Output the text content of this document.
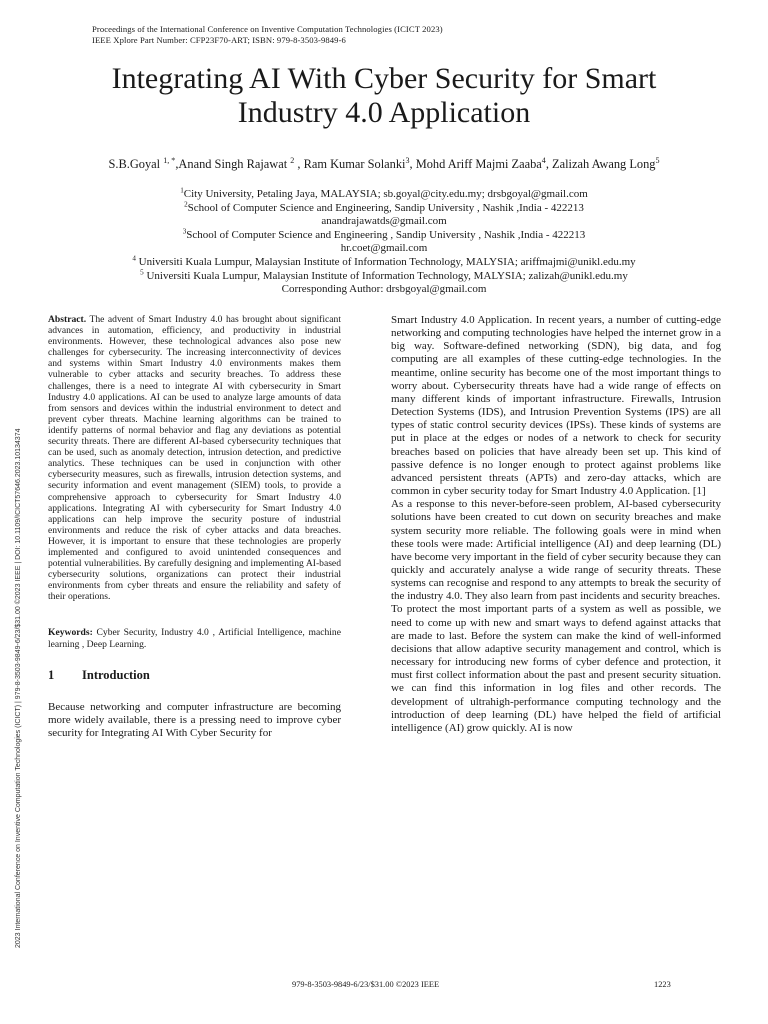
Proceedings of the International Conference on Inventive Computation Technologies (ICICT 2023)
IEEE Xplore Part Number: CFP23F70-ART; ISBN: 979-8-3503-9849-6
Integrating AI With Cyber Security for Smart
Industry 4.0 Application
S.B.Goyal $^{1, *}$,Anand Singh Rajawat $^2$ , Ram Kumar Solanki$^3$, Mohd Ariff Majmi Zaaba$^4$, Zalizah Awang Long$^5$
$^1$City University, Petaling Jaya, MALAYSIA; sb.goyal@city.edu.my; drsbgoyal@gmail.com
$^2$School of Computer Science and Engineering, Sandip University , Nashik ,India - 422213
anandrajawatds@gmail.com
$^3$School of Computer Science and Engineering , Sandip University , Nashik ,India - 422213
hr.coet@gmail.com
$^4$ Universiti Kuala Lumpur, Malaysian Institute of Information Technology, MALYSIA; ariffmajmi@unikl.edu.my
$^5$ Universiti Kuala Lumpur, Malaysian Institute of Information Technology, MALYSIA; zalizah@unikl.edu.my
Corresponding Author: drsbgoyal@gmail.com
2023 International Conference on Inventive Computation Technologies (ICICT) | 979-8-3503-9849-6/23/$31.00 ©2023 IEEE | DOI: 10.1109/ICICT57646.2023.10134374

Abstract. The advent of Smart Industry 4.0 has brought about significant advances in automation, efficiency, and productivity in industrial environments. However, these technological advances also pose new challenges for cybersecurity. The increasing interconnectivity of devices and systems within Smart Industry 4.0 environments makes them vulnerable to cyber attacks and security breaches. To address these challenges, there is a need to integrate AI with cybersecurity in Smart Industry 4.0 applications. AI can be used to analyze large amounts of data from sensors and devices within the industrial environment to detect and prevent cyber threats. Machine learning algorithms can be trained to identify patterns of normal behavior and flag any deviations as potential security threats. There are different AI-based cybersecurity techniques that can be used, such as anomaly detection, intrusion detection, and predictive analytics. These techniques can be used in conjunction with other cybersecurity measures, such as firewalls, intrusion detection systems, and security information and event management (SIEM) tools, to provide a comprehensive approach to cybersecurity for Smart Industry 4.0 applications. Integrating AI with cybersecurity for Smart Industry 4.0 applications can help improve the security posture of industrial environments and reduce the risk of cyber attacks and data breaches. However, it is important to ensure that these technologies are properly implemented and configured to avoid unintended consequences and potential vulnerabilities. By carefully designing and implementing AI-based cybersecurity solutions, organizations can protect their industrial environments from cyber threats and ensure the reliability and safety of their operations.

Keywords: Cyber Security, Industry 4.0 , Artificial Intelligence, machine learning , Deep Learning.

1 Introduction

Because networking and computer infrastructure are becoming more widely available, there is a pressing need to improve cyber security for Integrating AI With Cyber Security for

Smart Industry 4.0 Application. In recent years, a number of cutting-edge networking and computing technologies have helped the internet grow in a big way. Software-defined networking (SDN), big data, and fog computing are all examples of these cutting-edge technologies. In the meantime, online security has become one of the most important things to worry about. Cybersecurity threats have had a wide range of effects on many different kinds of important infrastructure. Firewalls, Intrusion Detection Systems (IDS), and Intrusion Prevention Systems (IPS) are all types of static control security devices (IPSs). These kinds of systems are put in place at the edges or nodes of a network to check for security breaches based on policies that have already been set up. This kind of passive defence is no longer enough to protect against problems like advanced persistent threats (APTs) and zero-day attacks, which are common in cyber security today for Smart Industry 4.0 Application. [1]

As a response to this never-before-seen problem, AI-based cybersecurity solutions have been created to cut down on security breaches and make system security more reliable. The following goals were in mind when these tools were made: Artificial intelligence (AI) and deep learning (DL) have become very important in the field of cyber security because they can quickly and accurately analyse a wide range of security threats. These systems can recognise and respond to any attempts to break the security of the industry 4.0. They also learn from past incidents and security breaches.

To protect the most important parts of a system as well as possible, we need to come up with new and smart ways to defend against attacks that are made to last. Before the system can make the kind of well-informed decisions that allow adaptive security management and control, which is necessary for introducing new forms of cyber defence and protection, it must first collect information about the past and present security situation. we can find this information in log files and other records. The development of ultrahigh-performance computing technology and the introduction of deep learning (DL) have helped the field of artificial intelligence (AI) grow quickly. AI is now

979-8-3503-9849-6/23/$31.00 ©2023 IEEE	1223
